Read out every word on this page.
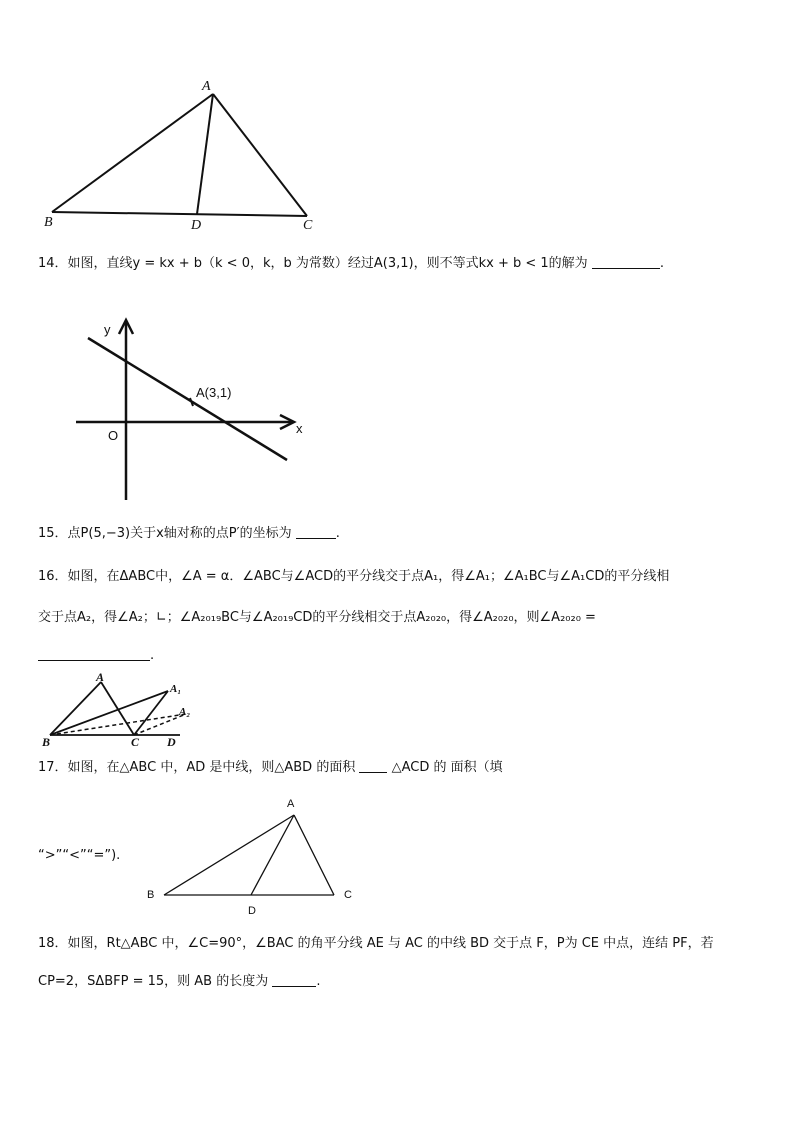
A
B	C
D
14．如图，直线y = kx + b（k < 0，k，b 为常数）经过A(3,1)，则不等式kx + b < 1的解为	.
y
x
O
A(3,1)
15．点P(5,−3)关于x轴对称的点P′的坐标为	.
16．如图，在ΔABC中，∠A = α．∠ABC与∠ACD的平分线交于点A₁，得∠A₁；∠A₁BC与∠A₁CD的平分线相
交于点A₂，得∠A₂；∟；∠A₂₀₁₉BC与∠A₂₀₁₉CD的平分线相交于点A₂₀₂₀，得∠A₂₀₂₀，则∠A₂₀₂₀ =
.
A
A₁
A₂
B	C D
17．如图，在△ABC 中，AD 是中线，则△ABD 的面积	△ACD 的 面积（填
“>”“<”“=”).
A
B	C
D
18．如图，Rt△ABC 中，∠C=90°，∠BAC 的角平分线 AE 与 AC 的中线 BD 交于点 F，P为 CE 中点，连结 PF，若
CP=2，SΔBFP = 15，则 AB 的长度为	.
